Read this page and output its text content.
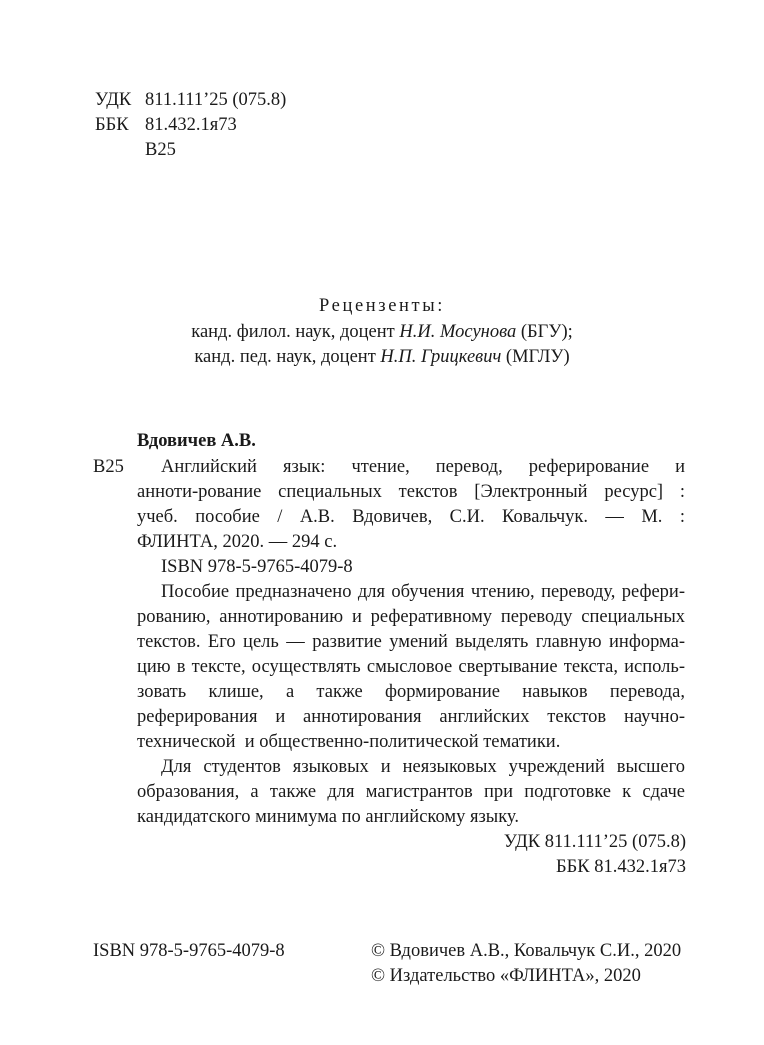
УДК 811.111’25 (075.8)
ББК 81.432.1я73
В25
Рецензенты:
канд. филол. наук, доцент Н.И. Мосунова (БГУ);
канд. пед. наук, доцент Н.П. Грицкевич (МГЛУ)
Вдовичев А.В.
В25 Английский язык: чтение, перевод, реферирование и
анноти-рование специальных текстов [Электронный ресурс] :
учеб. пособие / А.В. Вдовичев, С.И. Ковальчук. — М. :
ФЛИНТА, 2020. — 294 с.
ISBN 978-5-9765-4079-8
Пособие предназначено для обучения чтению, переводу, рефери-
рованию, аннотированию и реферативному переводу специальных
текстов. Его цель — развитие умений выделять главную информа-
цию в тексте, осуществлять смысловое свертывание текста, исполь-
зовать клише, а также формирование навыков перевода,
реферирования и аннотирования английских текстов научно-
технической  и общественно-политической тематики.
Для студентов языковых и неязыковых учреждений высшего
образования, а также для магистрантов при подготовке к сдаче
кандидатского минимума по английскому языку.
УДК 811.111’25 (075.8)
ББК 81.432.1я73
ISBN 978-5-9765-4079-8	© Вдовичев А.В., Ковальчук С.И., 2020
© Издательство «ФЛИНТА», 2020
